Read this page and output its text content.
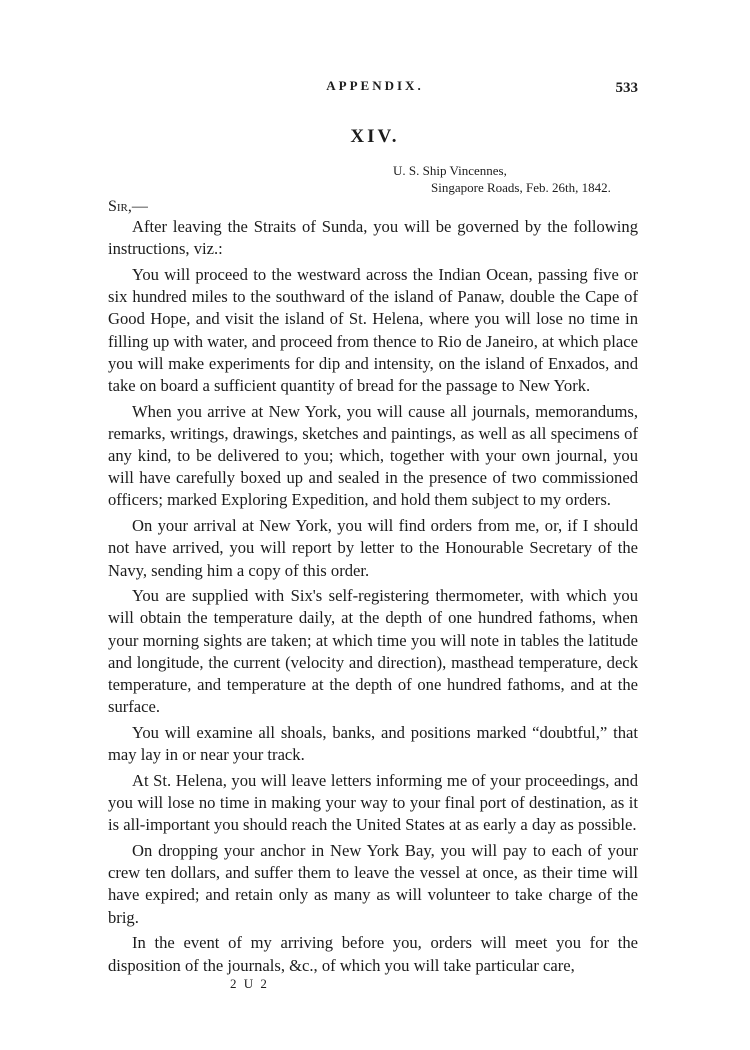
APPENDIX.	533
XIV.
U. S. Ship Vincennes,
Singapore Roads, Feb. 26th, 1842.
Sir,—

After leaving the Straits of Sunda, you will be governed by the following instructions, viz.:

You will proceed to the westward across the Indian Ocean, passing five or six hundred miles to the southward of the island of Panaw, double the Cape of Good Hope, and visit the island of St. Helena, where you will lose no time in filling up with water, and proceed from thence to Rio de Janeiro, at which place you will make experiments for dip and intensity, on the island of Enxados, and take on board a sufficient quantity of bread for the passage to New York.

When you arrive at New York, you will cause all journals, memorandums, remarks, writings, drawings, sketches and paintings, as well as all specimens of any kind, to be delivered to you; which, together with your own journal, you will have carefully boxed up and sealed in the presence of two commissioned officers; marked Exploring Expedition, and hold them subject to my orders.

On your arrival at New York, you will find orders from me, or, if I should not have arrived, you will report by letter to the Honourable Secretary of the Navy, sending him a copy of this order.

You are supplied with Six's self-registering thermometer, with which you will obtain the temperature daily, at the depth of one hundred fathoms, when your morning sights are taken; at which time you will note in tables the latitude and longitude, the current (velocity and direction), masthead temperature, deck temperature, and temperature at the depth of one hundred fathoms, and at the surface.

You will examine all shoals, banks, and positions marked “doubtful,” that may lay in or near your track.

At St. Helena, you will leave letters informing me of your proceedings, and you will lose no time in making your way to your final port of destination, as it is all-important you should reach the United States at as early a day as possible.

On dropping your anchor in New York Bay, you will pay to each of your crew ten dollars, and suffer them to leave the vessel at once, as their time will have expired; and retain only as many as will volunteer to take charge of the brig.

In the event of my arriving before you, orders will meet you for the disposition of the journals, &c., of which you will take particular care,

2 U 2
